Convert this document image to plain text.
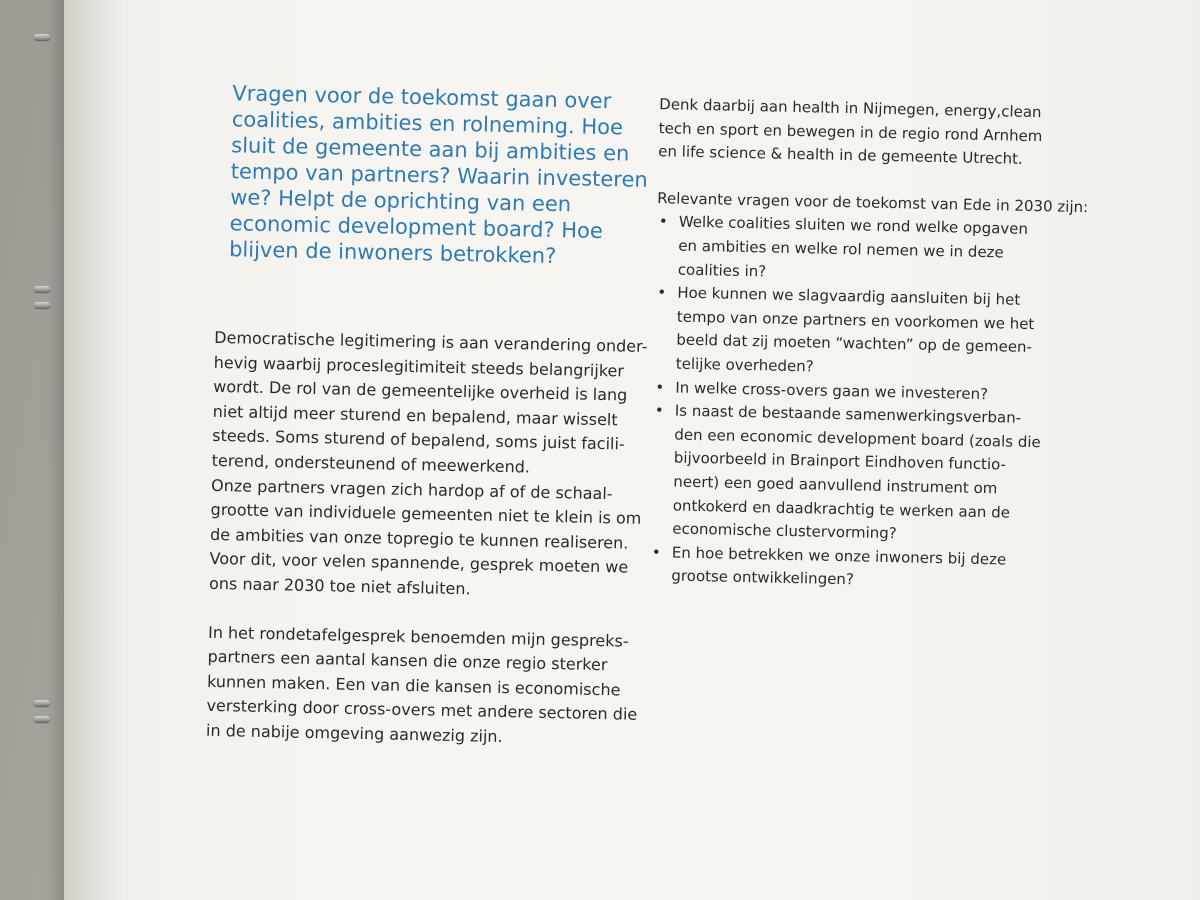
Vragen voor de toekomst gaan over
coalities, ambities en rolneming. Hoe
sluit de gemeente aan bij ambities en
tempo van partners? Waarin investeren
we? Helpt de oprichting van een
economic development board? Hoe
blijven de inwoners betrokken?
Democratische legitimering is aan verandering onder-
hevig waarbij proceslegitimiteit steeds belangrijker
wordt. De rol van de gemeentelijke overheid is lang
niet altijd meer sturend en bepalend, maar wisselt
steeds. Soms sturend of bepalend, soms juist facili-
terend, ondersteunend of meewerkend.
Onze partners vragen zich hardop af of de schaal-
grootte van individuele gemeenten niet te klein is om
de ambities van onze topregio te kunnen realiseren.
Voor dit, voor velen spannende, gesprek moeten we
ons naar 2030 toe niet afsluiten.
In het rondetafelgesprek benoemden mijn gespreks-
partners een aantal kansen die onze regio sterker
kunnen maken. Een van die kansen is economische
versterking door cross-overs met andere sectoren die
in de nabije omgeving aanwezig zijn.
Denk daarbij aan health in Nijmegen, energy,clean
tech en sport en bewegen in de regio rond Arnhem
en life science & health in de gemeente Utrecht.
Relevante vragen voor de toekomst van Ede in 2030 zijn:
• Welke coalities sluiten we rond welke opgaven
en ambities en welke rol nemen we in deze
coalities in?
• Hoe kunnen we slagvaardig aansluiten bij het
tempo van onze partners en voorkomen we het
beeld dat zij moeten “wachten” op de gemeen-
telijke overheden?
• In welke cross-overs gaan we investeren?
• Is naast de bestaande samenwerkingsverban-
den een economic development board (zoals die
bijvoorbeeld in Brainport Eindhoven functio-
neert) een goed aanvullend instrument om
ontkokerd en daadkrachtig te werken aan de
economische clustervorming?
• En hoe betrekken we onze inwoners bij deze
grootse ontwikkelingen?
